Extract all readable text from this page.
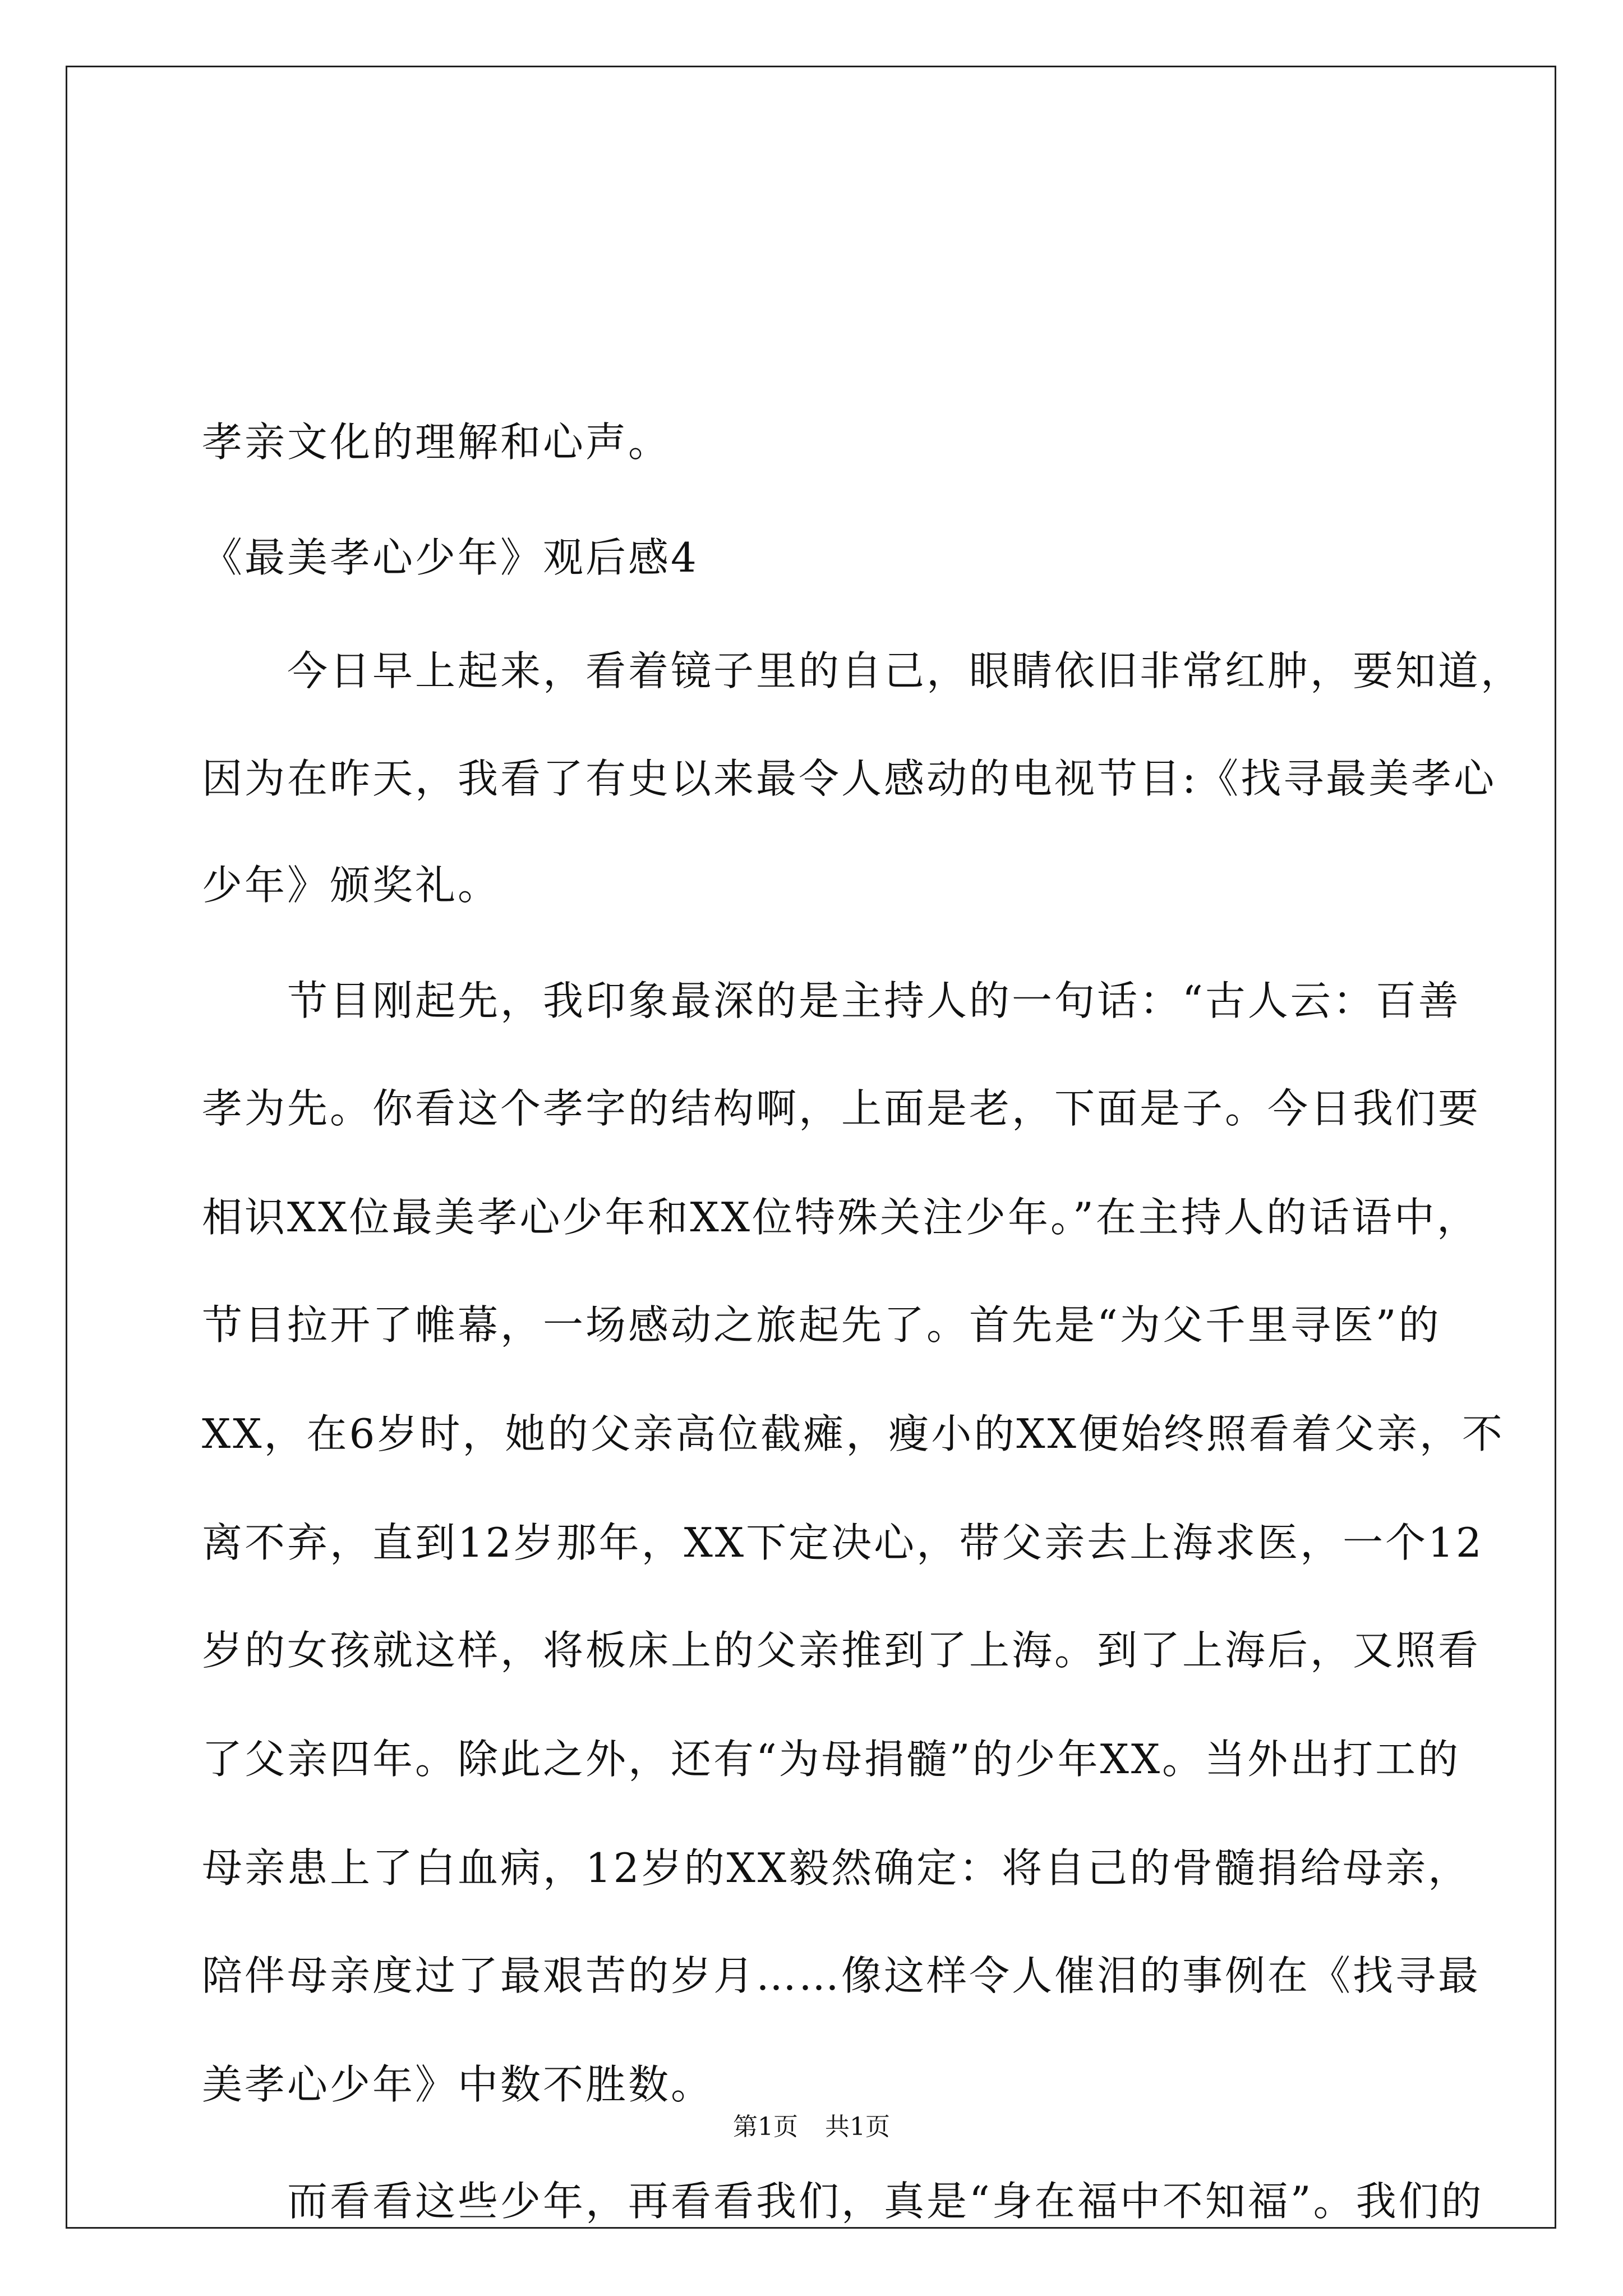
孝亲文化的理解和心声。
《最美孝心少年》观后感4
　　今日早上起来，看着镜子里的自己，眼睛依旧非常红肿，要知道，
因为在昨天，我看了有史以来最令人感动的电视节目:《找寻最美孝心
少年》颁奖礼。
　　节目刚起先，我印象最深的是主持人的一句话：“古人云：百善
孝为先。你看这个孝字的结构啊，上面是老，下面是子。今日我们要
相识XX位最美孝心少年和XX位特殊关注少年。”在主持人的话语中，
节目拉开了帷幕，一场感动之旅起先了。首先是“为父千里寻医”的
XX，在6岁时，她的父亲高位截瘫，瘦小的XX便始终照看着父亲，不
离不弃，直到12岁那年，XX下定决心，带父亲去上海求医，一个12
岁的女孩就这样，将板床上的父亲推到了上海。到了上海后，又照看
了父亲四年。除此之外，还有“为母捐髓”的少年XX。当外出打工的
母亲患上了白血病，12岁的XX毅然确定：将自己的骨髓捐给母亲，
陪伴母亲度过了最艰苦的岁月……像这样令人催泪的事例在《找寻最
美孝心少年》中数不胜数。
　　而看看这些少年，再看看我们，真是“身在福中不知福”。我们的
第1页 共1页
